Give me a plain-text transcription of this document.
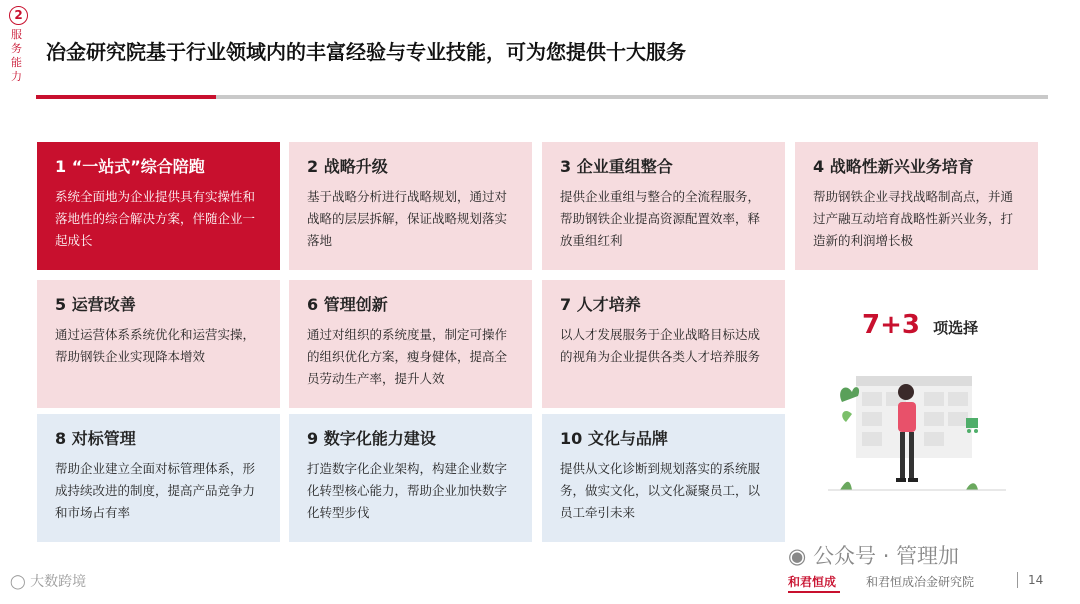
2
服务能力
冶金研究院基于行业领域内的丰富经验与专业技能，可为您提供十大服务
1 “一站式”综合陪跑
系统全面地为企业提供具有实操性和落地性的综合解决方案，伴随企业一起成长
2 战略升级
基于战略分析进行战略规划，通过对战略的层层拆解，保证战略规划落实落地
3 企业重组整合
提供企业重组与整合的全流程服务，帮助钢铁企业提高资源配置效率，释放重组红利
4 战略性新兴业务培育
帮助钢铁企业寻找战略制高点，并通过产融互动培育战略性新兴业务，打造新的利润增长极
5 运营改善
通过运营体系系统优化和运营实操，帮助钢铁企业实现降本增效
6 管理创新
通过对组织的系统度量，制定可操作的组织优化方案，瘦身健体，提高全员劳动生产率，提升人效
7 人才培养
以人才发展服务于企业战略目标达成的视角为企业提供各类人才培养服务
8 对标管理
帮助企业建立全面对标管理体系，形成持续改进的制度，提高产品竞争力和市场占有率
9 数字化能力建设
打造数字化企业架构，构建企业数字化转型核心能力，帮助企业加快数字化转型步伐
10 文化与品牌
提供从文化诊断到规划落实的系统服务，做实文化，以文化凝聚员工，以员工牵引未来
7+3 项选择
◯ 大数跨境
◉ 公众号 · 管理加
和君恒成 和君恒成冶金研究院	14
